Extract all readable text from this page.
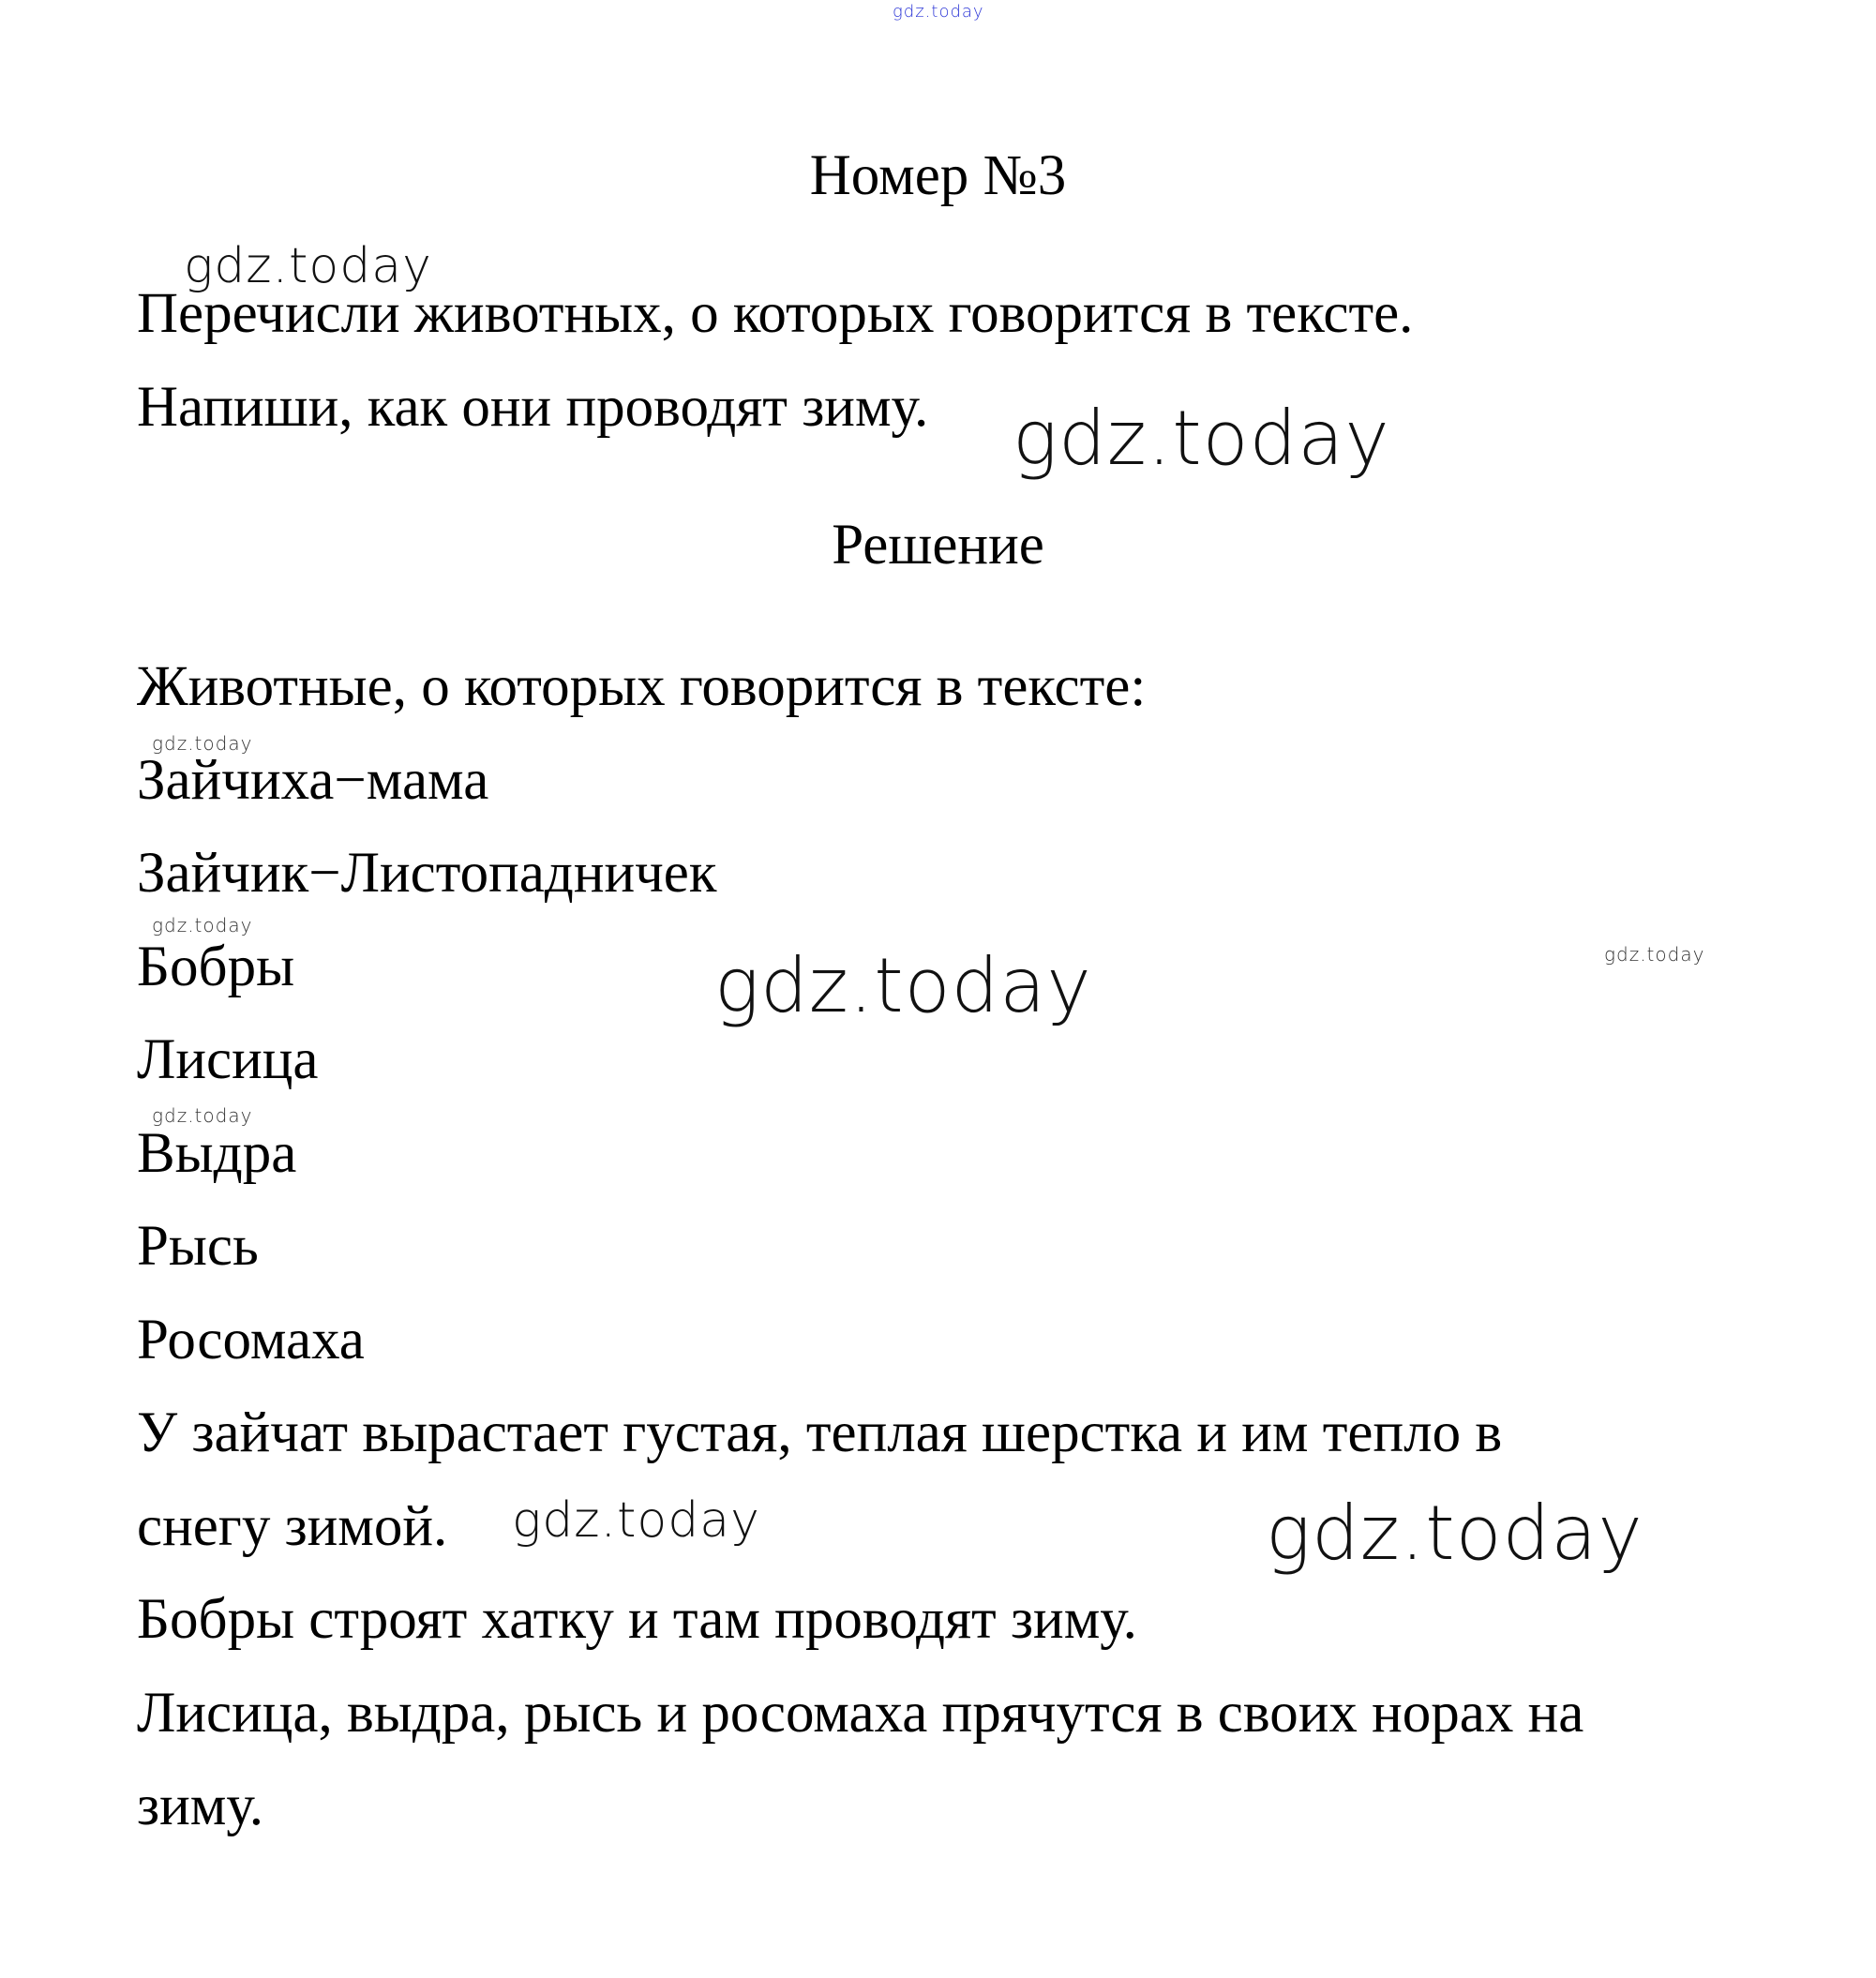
gdz.today
Номер №3
Перечисли животных, о которых говорится в тексте.
Напиши, как они проводят зиму.
Решение
Животные, о которых говорится в тексте:
Зайчиха−мама
Зайчик−Листопадничек
Бобры
Лисица
Выдра
Рысь
Росомаха
У зайчат вырастает густая, теплая шерстка и им тепло в
снегу зимой.
Бобры строят хатку и там проводят зиму.
Лисица, выдра, рысь и росомаха прячутся в своих норах на
зиму.
gdz.today
gdz.today
gdz.today
gdz.today
gdz.today
gdz.today
gdz.today
gdz.today
gdz.today
